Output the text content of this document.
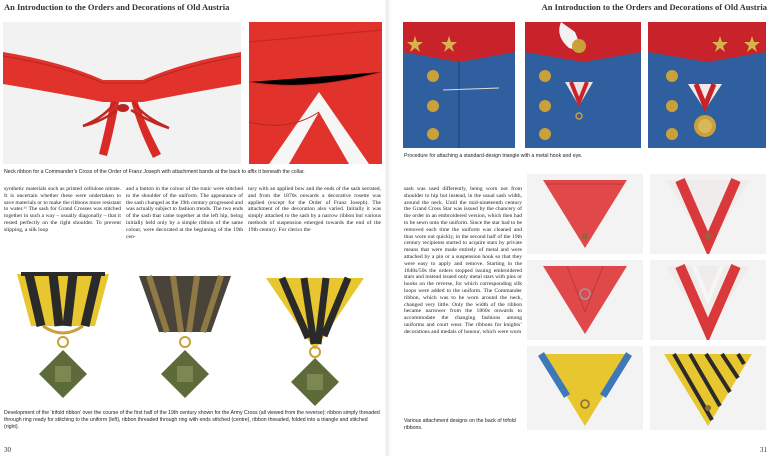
An Introduction to the Orders and Decorations of Old Austria	An Introduction to the Orders and Decorations of Old Austria
Neck ribbon for a Commander’s Cross of the Order of Franz Joseph with attachment bands at the back to affix it beneath the collar.

synthetic materials such as printed cellulose nitrate. It is uncertain whether these were undertaken to save materials or to make the ribbons more resistant to water.¹¹ The sash for Grand Crosses was stitched together in such a way – usually diagonally – that it rested perfectly on the right shoulder. To prevent slipping, a silk loop

and a button in the colour of the tunic were stitched to the shoulder of the uniform. The appearance of the sash changed as the 19th century progressed and was actually subject to fashion trends. The two ends of the sash that came together at the left hip, being initially held only by a simple ribbon of the same colour, were decorated at the beginning of the 19th cen-

tury with an applied bow and the ends of the sash serrated, and from the 1870s onwards a decorative rosette was applied (except for the Order of Franz Joseph). The attachment of the decoration also varied. Initially it was simply attached to the sash by a narrow ribbon but various methods of suspension emerged towards the end of the 19th century. For clerics the

Development of the ‘trifold ribbon’ over the course of the first half of the 19th century shown for the Army Cross (all viewed from the reverse): ribbon simply threaded through ring ready for stitching to the uniform (left), ribbon threaded through ring with ends stitched (centre), ribbon threaded, folded into a triangle and stitched (right).
30
Procedure for attaching a standard-design triangle with a metal hook and eye.

sash was used differently, being worn not from shoulder to hip but instead, in the usual sash width, around the neck. Until the mid-nineteenth century the Grand Cross Star was issued by the chancery of the order in an embroidered version, which then had to be sewn onto the uniform. Since the star had to be removed each time the uniform was cleaned and thus wore out quickly, in the second half of the 19th century recipients started to acquire stars by private means that were made entirely of metal and were attached by a pin or a suspension hook so that they were easy to apply and remove. Starting in the 1840s/50s the orders stopped issuing embroidered stars and instead issued only metal stars with pins or hooks on the reverse, for which corresponding silk loops were added to the uniform. The Commander ribbon, which was to be worn around the neck, changed very little. Only the width of the ribbon became narrower from the 1860s onwards to accommodate the changing fashions among uniforms and court wear. The ribbons for knights’ decorations and medals of honour, which were worn

Various attachment designs on the back of trifold ribbons.
31
